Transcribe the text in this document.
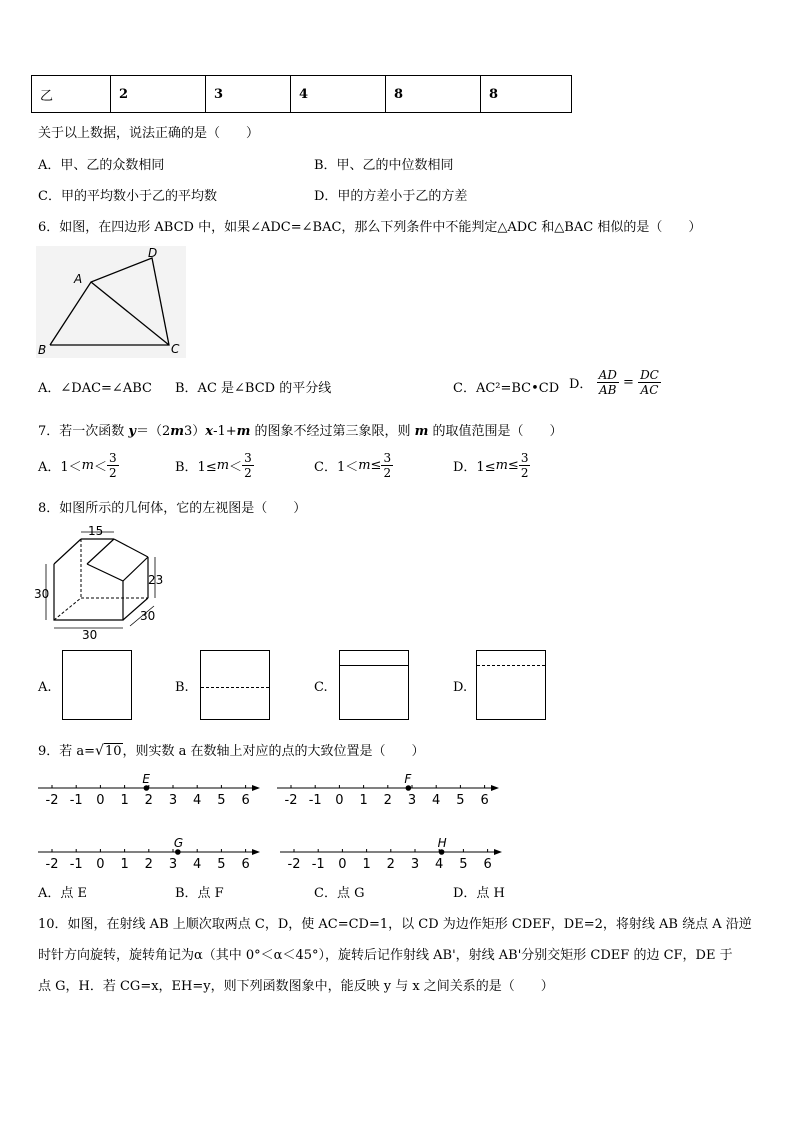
乙	2	3	4	8	8
关于以上数据，说法正确的是（　　）
A．甲、乙的众数相同	B．甲、乙的中位数相同
C．甲的平均数小于乙的平均数	D．甲的方差小于乙的方差
6．如图，在四边形 ABCD 中，如果∠ADC=∠BAC，那么下列条件中不能判定△ADC 和△BAC 相似的是（　　）
A
B	C
D
A．∠DAC=∠ABC B．AC 是∠BCD 的平分线	C．AC²=BC•CD D． $\frac{AD}{AB} = \frac{DC}{AC}$
7．若一次函数 y＝（2m3）x-1+m 的图象不经过第三象限，则 m 的取值范围是（　　）
A．$1<m< \frac{3}{2}$	B．$1\le m< \frac{3}{2}$	C．$1<m\le \frac{3}{2}$	D．$1\le m\le \frac{3}{2}$
8．如图所示的几何体，它的左视图是（　　）
15
30
23
30
30
A.	B.	C.	D.
9．若 a=√10，则实数 a 在数轴上对应的点的大致位置是（　　）
-2 -1 0 1 2 3 4 5 6
E
-2 -1 0 1 2 3 4 5 6
F
-2 -1 0 1 2 3 4 5 6
G
-2 -1 0 1 2 3 4 5 6
H
A．点 E	B．点 F	C．点 G	D．点 H
10．如图，在射线 AB 上顺次取两点 C，D，使 AC=CD=1，以 CD 为边作矩形 CDEF，DE=2，将射线 AB 绕点 A 沿逆
时针方向旋转，旋转角记为α（其中 0°＜α＜45°），旋转后记作射线 AB'，射线 AB'分别交矩形 CDEF 的边 CF，DE 于
点 G，H．若 CG=x，EH=y，则下列函数图象中，能反映 y 与 x 之间关系的是（　　）
